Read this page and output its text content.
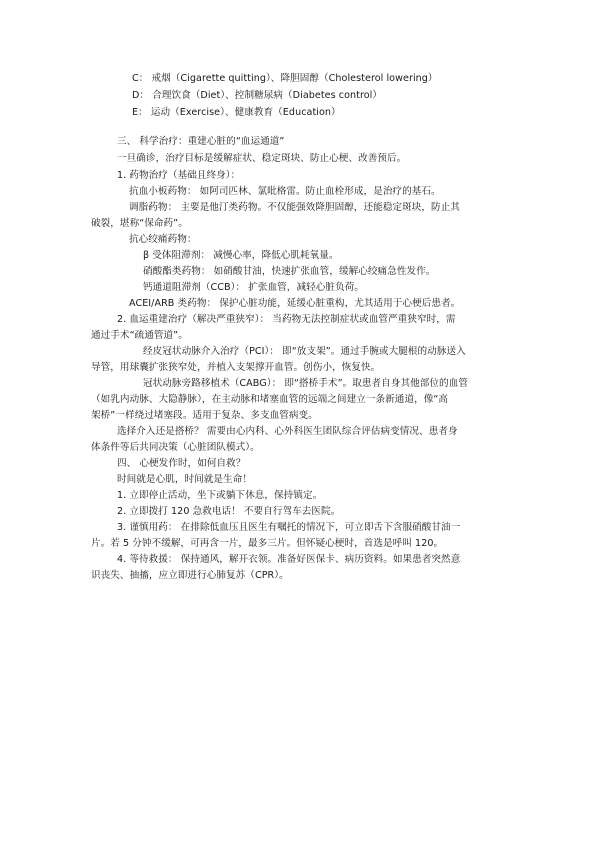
C： 戒烟（Cigarette quitting）、降胆固醇（Cholesterol lowering）
D： 合理饮食（Diet）、控制糖尿病（Diabetes control）
E： 运动（Exercise）、健康教育（Education）
三、 科学治疗：重建心脏的“血运通道”
一旦确诊，治疗目标是缓解症状、稳定斑块、防止心梗、改善预后。
1. 药物治疗（基础且终身）：
抗血小板药物： 如阿司匹林、氯吡格雷。防止血栓形成，是治疗的基石。
调脂药物： 主要是他汀类药物。不仅能强效降胆固醇，还能稳定斑块，防止其
破裂，堪称“保命药”。
抗心绞痛药物：
β 受体阻滞剂： 减慢心率，降低心肌耗氧量。
硝酸酯类药物： 如硝酸甘油，快速扩张血管，缓解心绞痛急性发作。
钙通道阻滞剂（CCB）： 扩张血管，减轻心脏负荷。
ACEI/ARB 类药物： 保护心脏功能，延缓心脏重构，尤其适用于心梗后患者。
2. 血运重建治疗（解决严重狭窄）： 当药物无法控制症状或血管严重狭窄时，需
通过手术“疏通管道”。
经皮冠状动脉介入治疗（PCI）： 即“放支架”。通过手腕或大腿根的动脉送入
导管，用球囊扩张狭窄处，并植入支架撑开血管。创伤小，恢复快。
冠状动脉旁路移植术（CABG）： 即“搭桥手术”。取患者自身其他部位的血管
（如乳内动脉、大隐静脉），在主动脉和堵塞血管的远端之间建立一条新通道，像“高
架桥”一样绕过堵塞段。适用于复杂、多支血管病变。
选择介入还是搭桥？ 需要由心内科、心外科医生团队综合评估病变情况、患者身
体条件等后共同决策（心脏团队模式）。
四、 心梗发作时，如何自救？
时间就是心肌，时间就是生命！
1. 立即停止活动，坐下或躺下休息，保持镇定。
2. 立即拨打 120 急救电话！ 不要自行驾车去医院。
3. 谨慎用药： 在排除低血压且医生有嘱托的情况下，可立即舌下含服硝酸甘油一
片。若 5 分钟不缓解，可再含一片，最多三片。但怀疑心梗时，首选是呼叫 120。
4. 等待救援： 保持通风，解开衣领。准备好医保卡、病历资料。如果患者突然意
识丧失、抽搐，应立即进行心肺复苏（CPR）。
